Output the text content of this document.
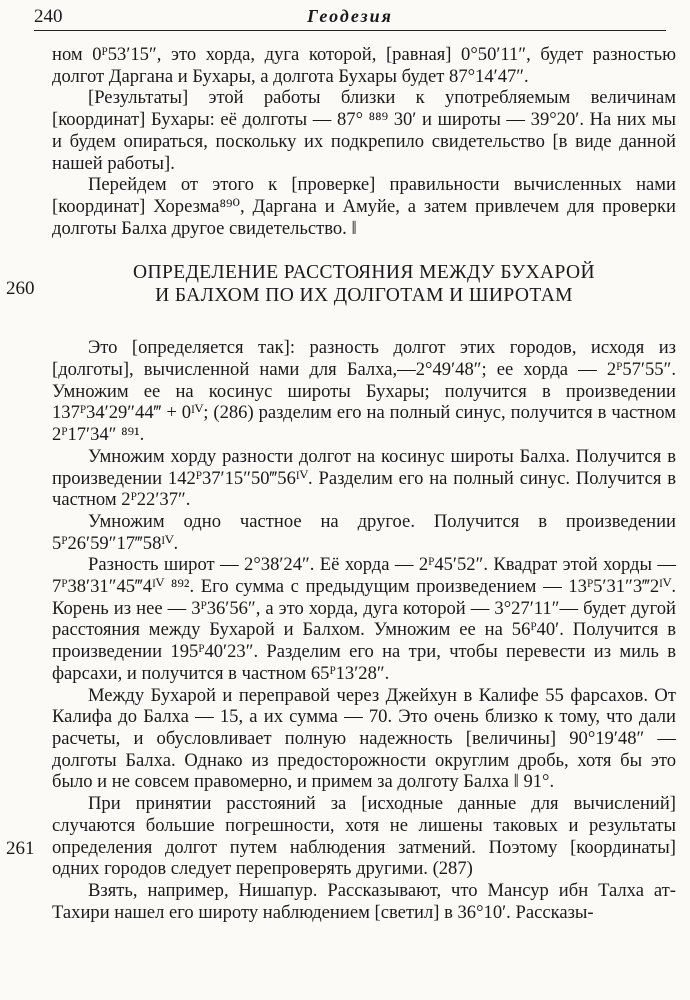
240	Геодезия
260
261

ном 0ᴾ53′15″, это хорда, дуга которой, [равная] 0°50′11″, будет разностью долгот Даргана и Бухары, а долгота Бухары будет 87°14′47″.

[Результаты] этой работы близки к употребляемым величинам [координат] Бухары: её долготы — 87° ⁸⁸⁹ 30′ и широты — 39°20′. На них мы и будем опираться, поскольку их подкрепило свидетельство [в виде данной нашей работы].

Перейдем от этого к [проверке] правильности вычисленных нами [координат] Хорезма⁸⁹⁰, Даргана и Амуйе, а затем привлечем для проверки долготы Балха другое свидетельство. ‖

ОПРЕДЕЛЕНИЕ РАССТОЯНИЯ МЕЖДУ БУХАРОЙ
И БАЛХОМ ПО ИХ ДОЛГОТАМ И ШИРОТАМ

Это [определяется так]: разность долгот этих городов, исходя из [долготы], вычисленной нами для Балха,—2°49′48″; ее хорда — 2ᴾ57′55″. Умножим ее на косинус широты Бухары; получится в произведении 137ᴾ34′29″44‴ + 0ᴵⱽ; (286) разделим его на полный синус, получится в частном 2ᴾ17′34″ ⁸⁹¹.

Умножим хорду разности долгот на косинус широты Балха. Получится в произведении 142ᴾ37′15″50‴56ᴵⱽ. Разделим его на полный синус. Получится в частном 2ᴾ22′37″.

Умножим одно частное на другое. Получится в произведении 5ᴾ26′59″17‴58ᴵⱽ.

Разность широт — 2°38′24″. Её хорда — 2ᴾ45′52″. Квадрат этой хорды — 7ᴾ38′31″45‴4ᴵⱽ ⁸⁹². Его сумма с предыдущим произведением — 13ᴾ5′31″3‴2ᴵⱽ. Корень из нее — 3ᴾ36′56″, а это хорда, дуга которой — 3°27′11″— будет дугой расстояния между Бухарой и Балхом. Умножим ее на 56ᴾ40′. Получится в произведении 195ᴾ40′23″. Разделим его на три, чтобы перевести из миль в фарсахи, и получится в частном 65ᴾ13′28″.

Между Бухарой и переправой через Джейхун в Калифе 55 фарсахов. От Калифа до Балха — 15, а их сумма — 70. Это очень близко к тому, что дали расчеты, и обусловливает полную надежность [величины] 90°19′48″ — долготы Балха. Однако из предосторожности округлим дробь, хотя бы это было и не совсем правомерно, и примем за долготу Балха ‖ 91°.

При принятии расстояний за [исходные данные для вычислений] случаются большие погрешности, хотя не лишены таковых и результаты определения долгот путем наблюдения затмений. Поэтому [координаты] одних городов следует перепроверять другими. (287)

Взять, например, Нишапур. Рассказывают, что Мансур ибн Талха ат-Тахири нашел его широту наблюдением [светил] в 36°10′. Рассказы-
